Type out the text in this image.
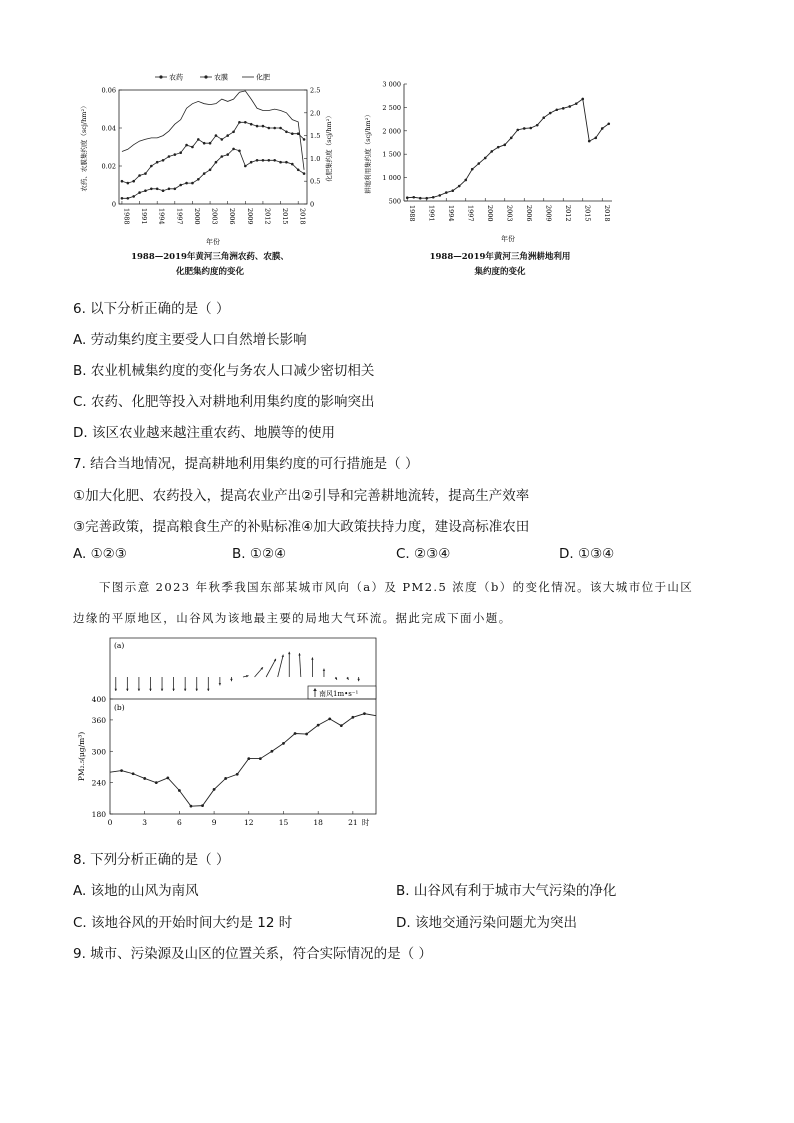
0
0.02
0.04
0.06
0
0.5
1.0
1.5
2.0
2.5
1988 1991 1994 1997 2000 2003 2006 2009 2012 2015 2018
年份
农药、农膜集约度（scj/hm²）	化肥集约度（scj/hm²）
农药	农膜	化肥
1988—2019年黄河三角洲农药、农膜、
化肥集约度的变化
500
1 000
1 500
2 000
2 500
3 000
1988 1991 1994 1997 2000 2003 2006 2009 2012 2015 2018
年份
耕地利用集约度（scj/hm²）
1988—2019年黄河三角洲耕地利用
集约度的变化
6. 以下分析正确的是（ ）
A. 劳动集约度主要受人口自然增长影响
B. 农业机械集约度的变化与务农人口减少密切相关
C. 农药、化肥等投入对耕地利用集约度的影响突出
D. 该区农业越来越注重农药、地膜等的使用
7. 结合当地情况，提高耕地利用集约度的可行措施是（ ）
①加大化肥、农药投入，提高农业产出②引导和完善耕地流转，提高生产效率
③完善政策，提高粮食生产的补贴标准④加大政策扶持力度，建设高标准农田
A. ①②③	B. ①②④	C. ②③④	D. ①③④
下图示意 2023 年秋季我国东部某城市风向（a）及 PM2.5 浓度（b）的变化情况。该大城市位于山区
边缘的平原地区，山谷风为该地最主要的局地大气环流。据此完成下面小题。
(a)
南风1m•s⁻¹
(b)
180
240
300
360
400
0	3	6	9	12	15	18	21 时
PM₂.₅(μg/m³)
8. 下列分析正确的是（ ）
A. 该地的山风为南风	B. 山谷风有利于城市大气污染的净化
C. 该地谷风的开始时间大约是 12 时	D. 该地交通污染问题尤为突出
9. 城市、污染源及山区的位置关系，符合实际情况的是（ ）
